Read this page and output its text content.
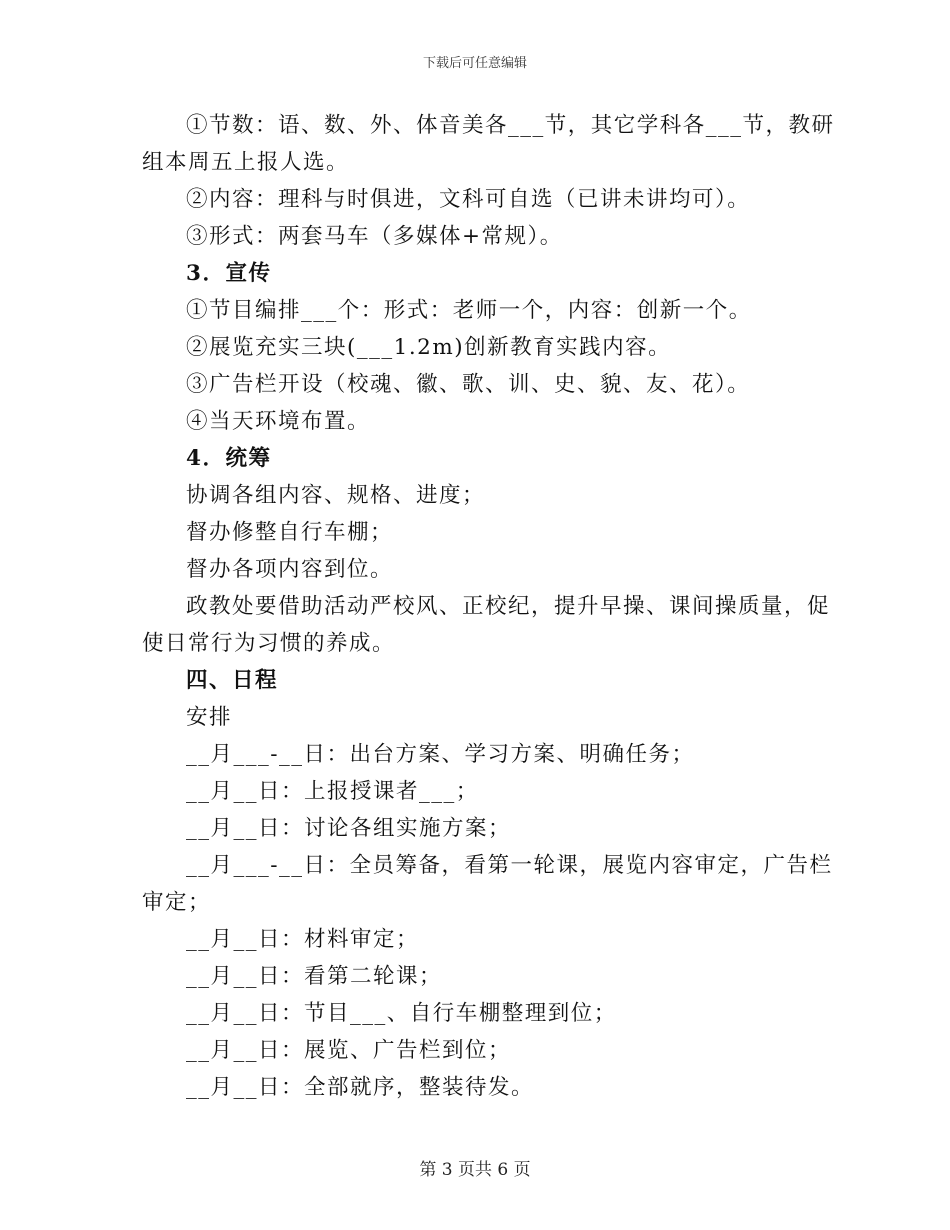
下载后可任意编辑
①节数：语、数、外、体音美各___节，其它学科各___节，教研
组本周五上报人选。
②内容：理科与时俱进，文科可自选（已讲未讲均可）。
③形式：两套马车（多媒体+常规）。
3．宣传
①节目编排___个：形式：老师一个，内容：创新一个。
②展览充实三块(___1.2m)创新教育实践内容。
③广告栏开设（校魂、徽、歌、训、史、貌、友、花）。
④当天环境布置。
4．统筹
协调各组内容、规格、进度；
督办修整自行车棚；
督办各项内容到位。
政教处要借助活动严校风、正校纪，提升早操、课间操质量，促
使日常行为习惯的养成。
四、日程
安排
__月___-__日：出台方案、学习方案、明确任务；
__月__日：上报授课者___；
__月__日：讨论各组实施方案；
__月___-__日：全员筹备，看第一轮课，展览内容审定，广告栏
审定；
__月__日：材料审定；
__月__日：看第二轮课；
__月__日：节目___、自行车棚整理到位；
__月__日：展览、广告栏到位；
__月__日：全部就序，整装待发。
第 3 页共 6 页
